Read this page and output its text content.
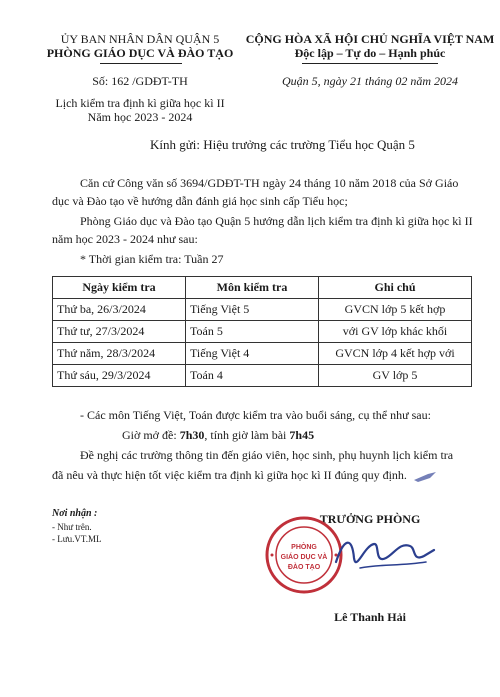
ỦY BAN NHÂN DÂN QUẬN 5
PHÒNG GIÁO DỤC VÀ ĐÀO TẠO
CỘNG HÒA XÃ HỘI CHỦ NGHĨA VIỆT NAM
Độc lập – Tự do – Hạnh phúc
Số: 162 /GDĐT-TH	Quận 5, ngày 21 tháng 02 năm 2024
Lịch kiểm tra định kì giữa học kì II
Năm học 2023 - 2024
Kính gửi: Hiệu trưởng các trường Tiểu học Quận 5
Căn cứ Công văn số 3694/GDĐT-TH ngày 24 tháng 10 năm 2018 của Sở Giáo
dục và Đào tạo về hướng dẫn đánh giá học sinh cấp Tiểu học;
Phòng Giáo dục và Đào tạo Quận 5 hướng dẫn lịch kiểm tra định kì giữa học kì II
năm học 2023 - 2024 như sau:
* Thời gian kiểm tra: Tuần 27
Ngày kiểm tra	Môn kiểm tra	Ghi chú
Thứ ba, 26/3/2024	Tiếng Việt 5	GVCN lớp 5 kết hợp
Thứ tư, 27/3/2024	Toán 5	với GV lớp khác khối
Thứ năm, 28/3/2024	Tiếng Việt 4	GVCN lớp 4 kết hợp với
Thứ sáu, 29/3/2024	Toán 4	GV lớp 5
- Các môn Tiếng Việt, Toán được kiểm tra vào buổi sáng, cụ thể như sau:
Giờ mở đề: 7h30, tính giờ làm bài 7h45
Đề nghị các trường thông tin đến giáo viên, học sinh, phụ huynh lịch kiểm tra
đã nêu và thực hiện tốt việc kiểm tra định kì giữa học kì II đúng quy định.
Nơi nhận :
- Như trên.
- Lưu.VT.ML
TRƯỞNG PHÒNG
PHÒNG
GIÁO DỤC VÀ
ĐÀO TẠO
Lê Thanh Hải
